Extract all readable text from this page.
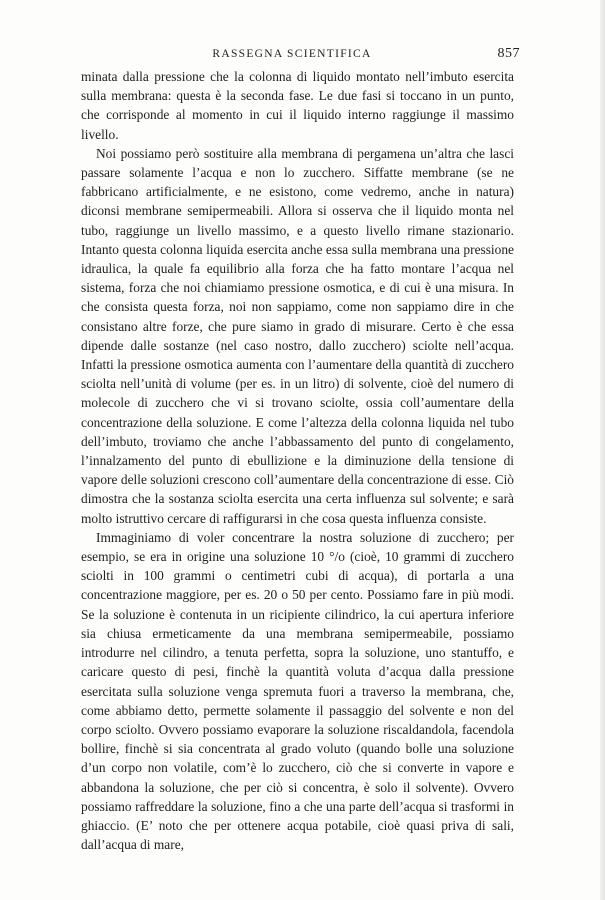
RASSEGNA SCIENTIFICA	857

minata dalla pressione che la colonna di liquido montato nell’imbuto esercita sulla membrana: questa è la seconda fase. Le due fasi si toccano in un punto, che corrisponde al momento in cui il liquido interno raggiunge il massimo livello.

Noi possiamo però sostituire alla membrana di pergamena un’altra che lasci passare solamente l’acqua e non lo zucchero. Siffatte membrane (se ne fabbricano artificialmente, e ne esistono, come vedremo, anche in natura) diconsi membrane semipermeabili. Allora si osserva che il liquido monta nel tubo, raggiunge un livello massimo, e a questo livello rimane stazionario. Intanto questa colonna liquida esercita anche essa sulla membrana una pressione idraulica, la quale fa equilibrio alla forza che ha fatto montare l’acqua nel sistema, forza che noi chiamiamo pressione osmotica, e di cui è una misura. In che consista questa forza, noi non sappiamo, come non sappiamo dire in che consistano altre forze, che pure siamo in grado di misurare. Certo è che essa dipende dalle sostanze (nel caso nostro, dallo zucchero) sciolte nell’acqua. Infatti la pressione osmotica aumenta con l’aumentare della quantità di zucchero sciolta nell’unità di volume (per es. in un litro) di solvente, cioè del numero di molecole di zucchero che vi si trovano sciolte, ossia coll’aumentare della concentrazione della soluzione. E come l’altezza della colonna liquida nel tubo dell’imbuto, troviamo che anche l’abbassamento del punto di congelamento, l’innalzamento del punto di ebullizione e la diminuzione della tensione di vapore delle soluzioni crescono coll’aumentare della concentrazione di esse. Ciò dimostra che la sostanza sciolta esercita una certa influenza sul solvente; e sarà molto istruttivo cercare di raffigurarsi in che cosa questa influenza consiste.

Immaginiamo di voler concentrare la nostra soluzione di zucchero; per esempio, se era in origine una soluzione 10 °/o (cioè, 10 grammi di zucchero sciolti in 100 grammi o centimetri cubi di acqua), di portarla a una concentrazione maggiore, per es. 20 o 50 per cento. Possiamo fare in più modi. Se la soluzione è contenuta in un ricipiente cilindrico, la cui apertura inferiore sia chiusa ermeticamente da una membrana semipermeabile, possiamo introdurre nel cilindro, a tenuta perfetta, sopra la soluzione, uno stantuffo, e caricare questo di pesi, finchè la quantità voluta d’acqua dalla pressione esercitata sulla soluzione venga spremuta fuori a traverso la membrana, che, come abbiamo detto, permette solamente il passaggio del solvente e non del corpo sciolto. Ovvero possiamo evaporare la soluzione riscaldandola, facendola bollire, finchè si sia concentrata al grado voluto (quando bolle una soluzione d’un corpo non volatile, com’è lo zucchero, ciò che si converte in vapore e abbandona la soluzione, che per ciò si concentra, è solo il solvente). Ovvero possiamo raffreddare la soluzione, fino a che una parte dell’acqua si trasformi in ghiaccio. (E’ noto che per ottenere acqua potabile, cioè quasi priva di sali, dall’acqua di mare,
